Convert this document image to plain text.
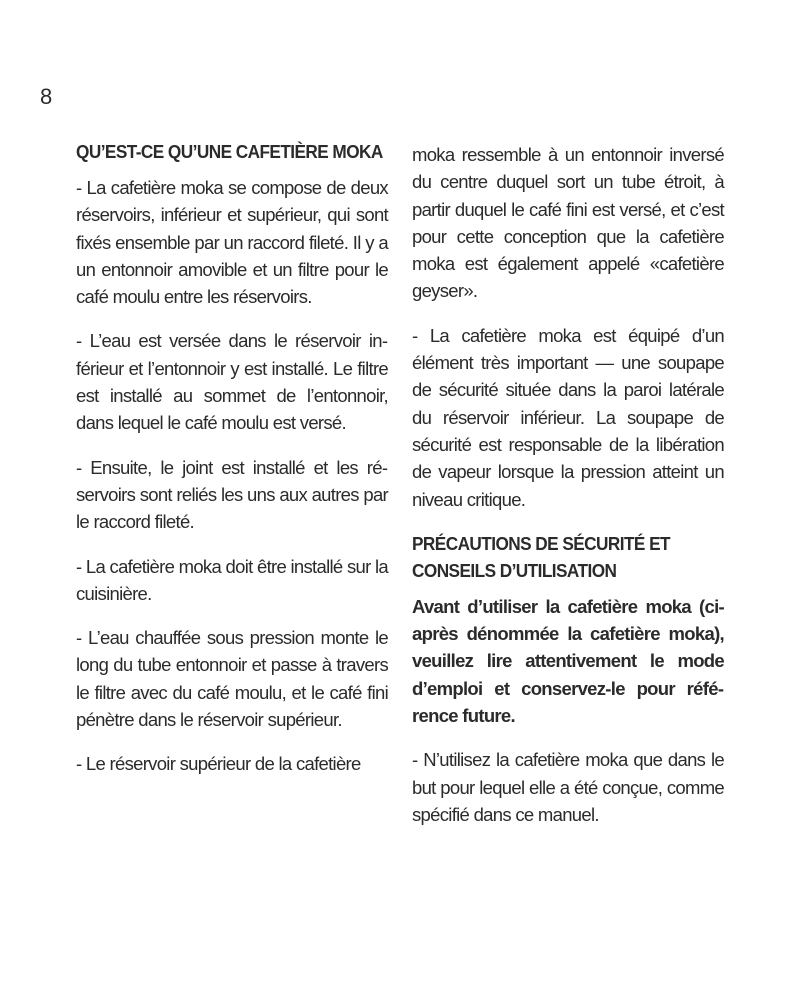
8
QU’EST-CE QU’UNE CAFETIÈRE MOKA

- La cafetière moka se compose de deux réservoirs, inférieur et supérieur, qui sont fixés ensemble par un raccord fileté. Il y a un entonnoir amovible et un filtre pour le café moulu entre les réservoirs.

- L’eau est versée dans le réservoir inférieur et l’entonnoir y est installé. Le filtre est installé au sommet de l’entonnoir, dans lequel le café moulu est versé.

- Ensuite, le joint est installé et les réservoirs sont reliés les uns aux autres par le raccord fileté.

- La cafetière moka doit être installé sur la cuisinière.

- L’eau chauffée sous pression monte le long du tube entonnoir et passe à travers le filtre avec du café moulu, et le café fini pénètre dans le réservoir supérieur.

- Le réservoir supérieur de la cafetière

moka ressemble à un entonnoir inversé du centre duquel sort un tube étroit, à partir duquel le café fini est versé, et c’est pour cette conception que la cafetière moka est également appelé «cafetière geyser».

- La cafetière moka est équipé d’un élément très important — une soupape de sécurité située dans la paroi latérale du réservoir inférieur. La soupape de sécurité est responsable de la libération de vapeur lorsque la pression atteint un niveau critique.

PRÉCAUTIONS DE SÉCURITÉ ET CONSEILS D’UTILISATION

Avant d’utiliser la cafetière moka (ci-après dénommée la cafetière moka), veuillez lire attentivement le mode d’emploi et conservez-le pour référence future.

- N’utilisez la cafetière moka que dans le but pour lequel elle a été conçue, comme spécifié dans ce manuel.
